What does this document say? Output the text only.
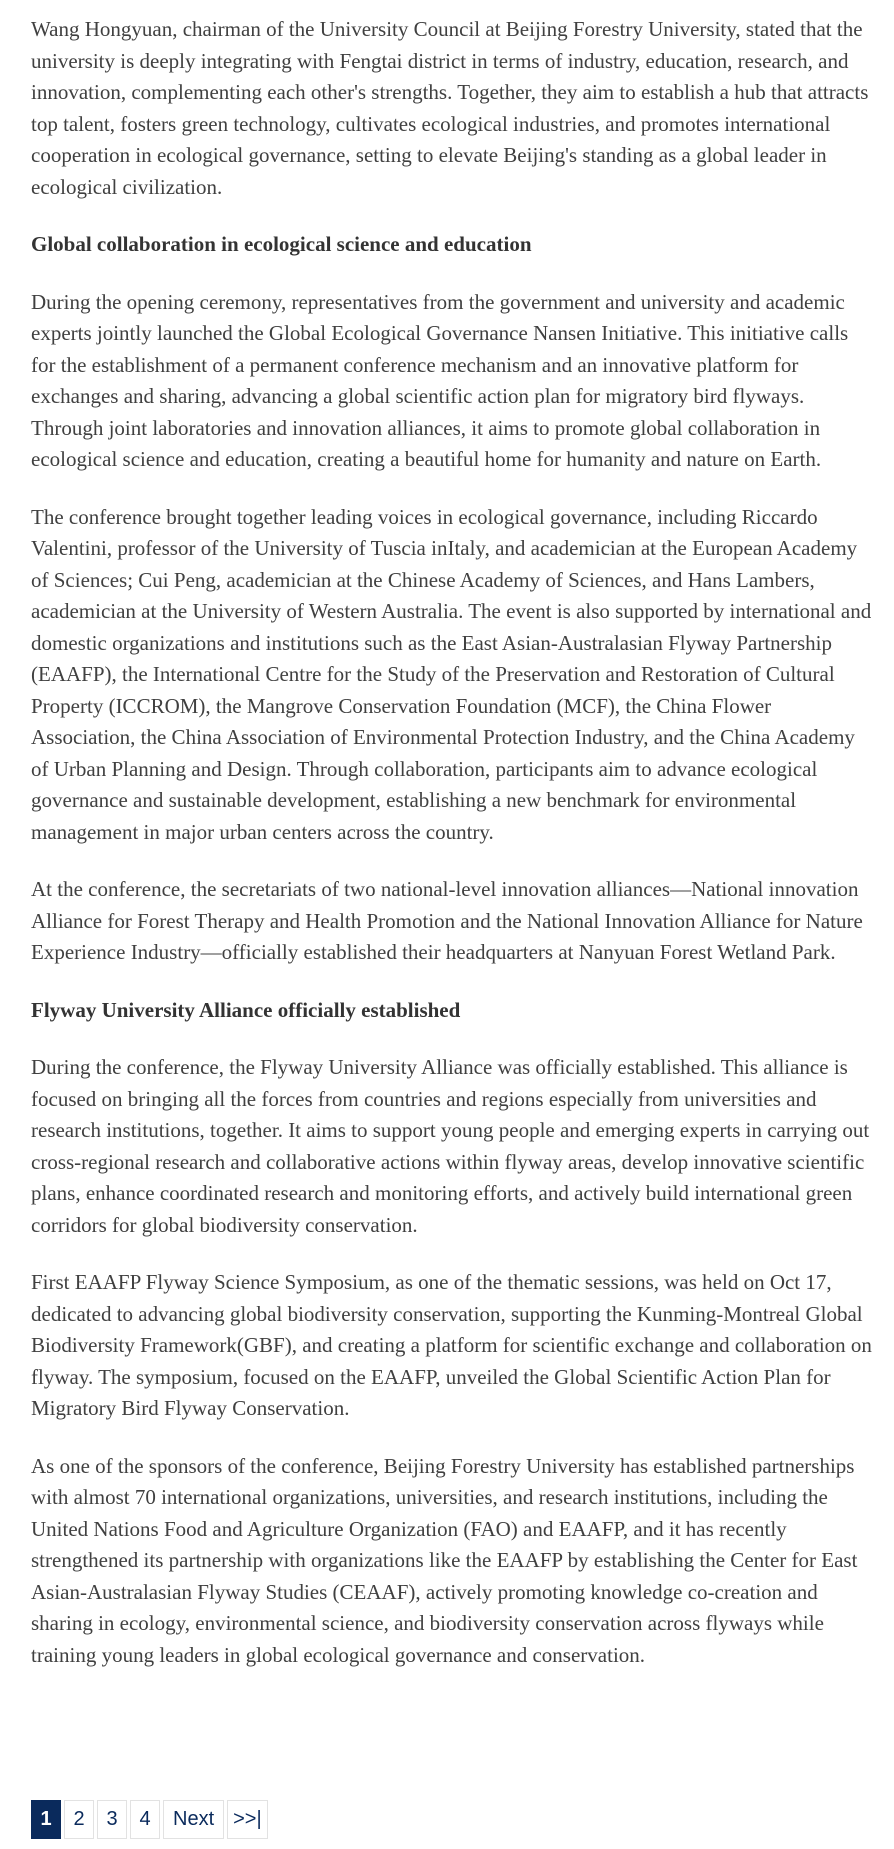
Wang Hongyuan, chairman of the University Council at Beijing Forestry University, stated that the university is deeply integrating with Fengtai district in terms of industry, education, research, and innovation, complementing each other's strengths. Together, they aim to establish a hub that attracts top talent, fosters green technology, cultivates ecological industries, and promotes international cooperation in ecological governance, setting to elevate Beijing's standing as a global leader in ecological civilization.

Global collaboration in ecological science and education

During the opening ceremony, representatives from the government and university and academic experts jointly launched the Global Ecological Governance Nansen Initiative. This initiative calls for the establishment of a permanent conference mechanism and an innovative platform for exchanges and sharing, advancing a global scientific action plan for migratory bird flyways. Through joint laboratories and innovation alliances, it aims to promote global collaboration in ecological science and education, creating a beautiful home for humanity and nature on Earth.

The conference brought together leading voices in ecological governance, including Riccardo Valentini, professor of the University of Tuscia inItaly, and academician at the European Academy of Sciences; Cui Peng, academician at the Chinese Academy of Sciences, and Hans Lambers, academician at the University of Western Australia. The event is also supported by international and domestic organizations and institutions such as the East Asian-Australasian Flyway Partnership (EAAFP), the International Centre for the Study of the Preservation and Restoration of Cultural Property (ICCROM), the Mangrove Conservation Foundation (MCF), the China Flower Association, the China Association of Environmental Protection Industry, and the China Academy of Urban Planning and Design. Through collaboration, participants aim to advance ecological governance and sustainable development, establishing a new benchmark for environmental management in major urban centers across the country.

At the conference, the secretariats of two national-level innovation alliances—National innovation Alliance for Forest Therapy and Health Promotion and the National Innovation Alliance for Nature Experience Industry—officially established their headquarters at Nanyuan Forest Wetland Park.

Flyway University Alliance officially established

During the conference, the Flyway University Alliance was officially established. This alliance is focused on bringing all the forces from countries and regions especially from universities and research institutions, together. It aims to support young people and emerging experts in carrying out cross-regional research and collaborative actions within flyway areas, develop innovative scientific plans, enhance coordinated research and monitoring efforts, and actively build international green corridors for global biodiversity conservation.

First EAAFP Flyway Science Symposium, as one of the thematic sessions, was held on Oct 17, dedicated to advancing global biodiversity conservation, supporting the Kunming-Montreal Global Biodiversity Framework(GBF), and creating a platform for scientific exchange and collaboration on flyway. The symposium, focused on the EAAFP, unveiled the Global Scientific Action Plan for Migratory Bird Flyway Conservation.

As one of the sponsors of the conference, Beijing Forestry University has established partnerships with almost 70 international organizations, universities, and research institutions, including the United Nations Food and Agriculture Organization (FAO) and EAAFP, and it has recently strengthened its partnership with organizations like the EAAFP by establishing the Center for East Asian-Australasian Flyway Studies (CEAAF), actively promoting knowledge co-creation and sharing in ecology, environmental science, and biodiversity conservation across flyways while training young leaders in global ecological governance and conservation.

1	2	3	4	Next >>|
